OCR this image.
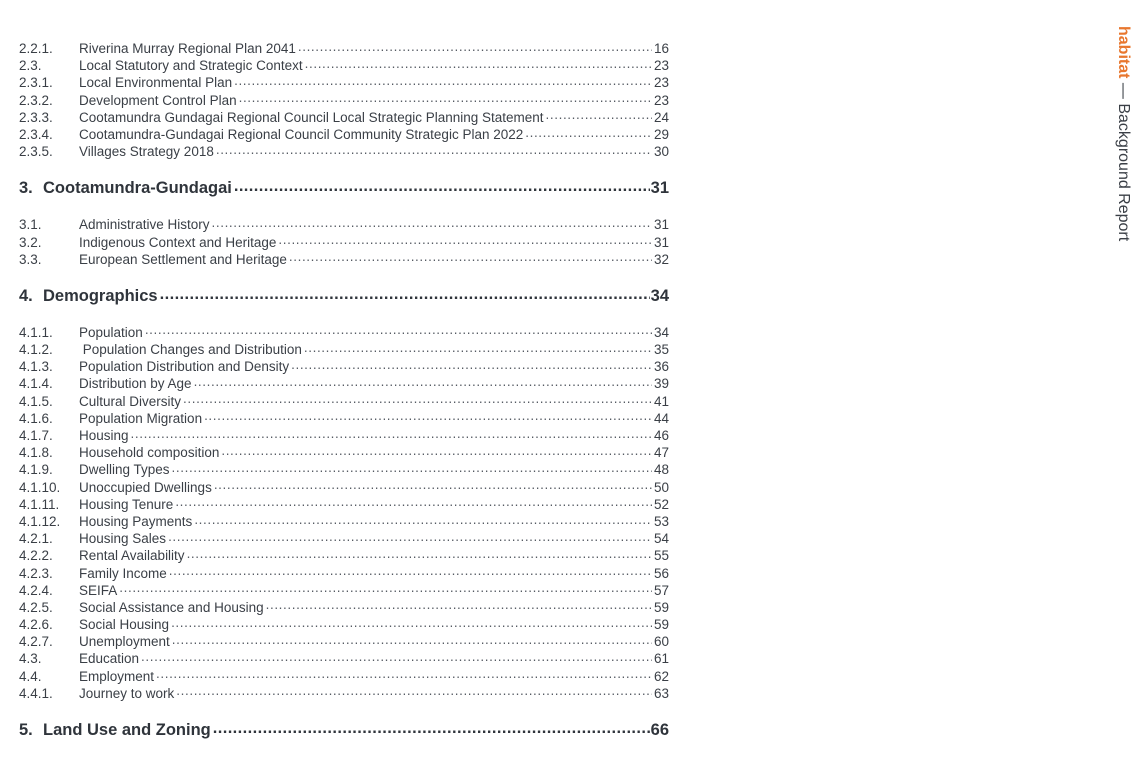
2.2.1.	Riverina Murray Regional Plan 2041 .....	16
2.3.	Local Statutory and Strategic Context .....	23
2.3.1.	Local Environmental Plan .....	23
2.3.2.	Development Control Plan .....	23
2.3.3.	Cootamundra Gundagai Regional Council Local Strategic Planning Statement .....	24
2.3.4.	Cootamundra-Gundagai Regional Council Community Strategic Plan 2022 .....	29
2.3.5.	Villages Strategy 2018 .....	30
3. Cootamundra-Gundagai .....	31
3.1.	Administrative History .....	31
3.2.	Indigenous Context and Heritage .....	31
3.3.	European Settlement and Heritage .....	32
4. Demographics .....	34
4.1.1.	Population .....	34
4.1.2.	Population Changes and Distribution .....	35
4.1.3.	Population Distribution and Density .....	36
4.1.4.	Distribution by Age .....	39
4.1.5.	Cultural Diversity .....	41
4.1.6.	Population Migration .....	44
4.1.7.	Housing .....	46
4.1.8.	Household composition .....	47
4.1.9.	Dwelling Types .....	48
4.1.10.	Unoccupied Dwellings .....	50
4.1.11.	Housing Tenure .....	52
4.1.12.	Housing Payments .....	53
4.2.1.	Housing Sales .....	54
4.2.2.	Rental Availability .....	55
4.2.3.	Family Income .....	56
4.2.4.	SEIFA .....	57
4.2.5.	Social Assistance and Housing .....	59
4.2.6.	Social Housing .....	59
4.2.7.	Unemployment .....	60
4.3.	Education .....	61
4.4.	Employment .....	62
4.4.1.	Journey to work .....	63
5. Land Use and Zoning .....	66
habitat — Background Report
